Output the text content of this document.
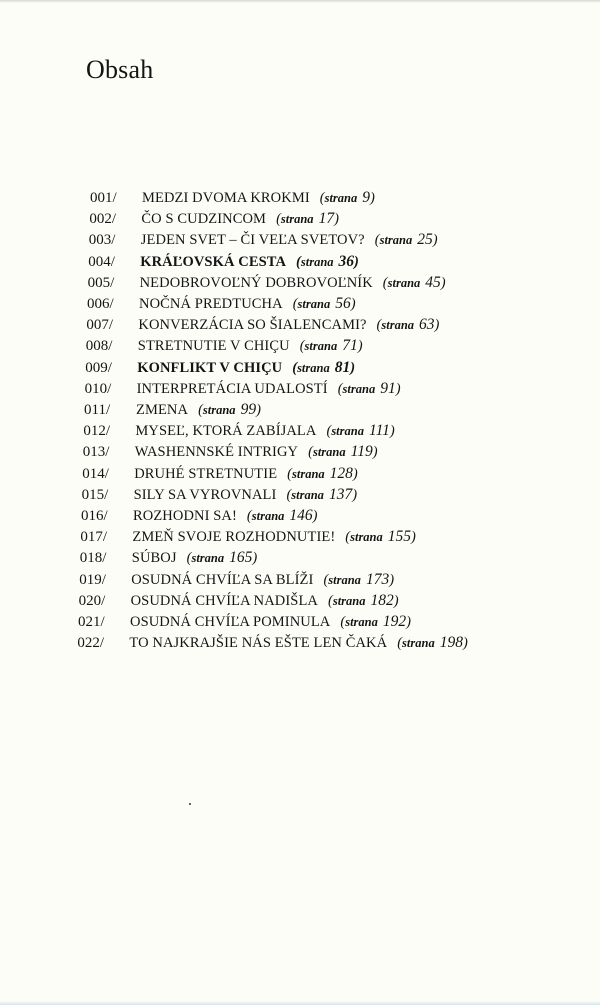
Obsah
001/ MEDZI DVOMA KROKMI (strana 9)
002/ ČO S CUDZINCOM (strana 17)
003/ JEDEN SVET – ČI VEĽA SVETOV? (strana 25)
004/ KRÁĽOVSKÁ CESTA (strana 36)
005/ NEDOBROVOĽNÝ DOBROVOĽNÍK (strana 45)
006/ NOČNÁ PREDTUCHA (strana 56)
007/ KONVERZÁCIA SO ŠIALENCAMI? (strana 63)
008/ STRETNUTIE V CHIÇU (strana 71)
009/ KONFLIKT V CHIÇU (strana 81)
010/ INTERPRETÁCIA UDALOSTÍ (strana 91)
011/ ZMENA (strana 99)
012/ MYSEĽ, KTORÁ ZABÍJALA (strana 111)
013/ WASHENNSKÉ INTRIGY (strana 119)
014/ DRUHÉ STRETNUTIE (strana 128)
015/ SILY SA VYROVNALI (strana 137)
016/ ROZHODNI SA! (strana 146)
017/ ZMEŇ SVOJE ROZHODNUTIE! (strana 155)
018/ SÚBOJ (strana 165)
019/ OSUDNÁ CHVÍĽA SA BLÍŽI (strana 173)
020/ OSUDNÁ CHVÍĽA NADIŠLA (strana 182)
021/ OSUDNÁ CHVÍĽA POMINULA (strana 192)
022/ TO NAJKRAJŠIE NÁS EŠTE LEN ČAKÁ (strana 198)
